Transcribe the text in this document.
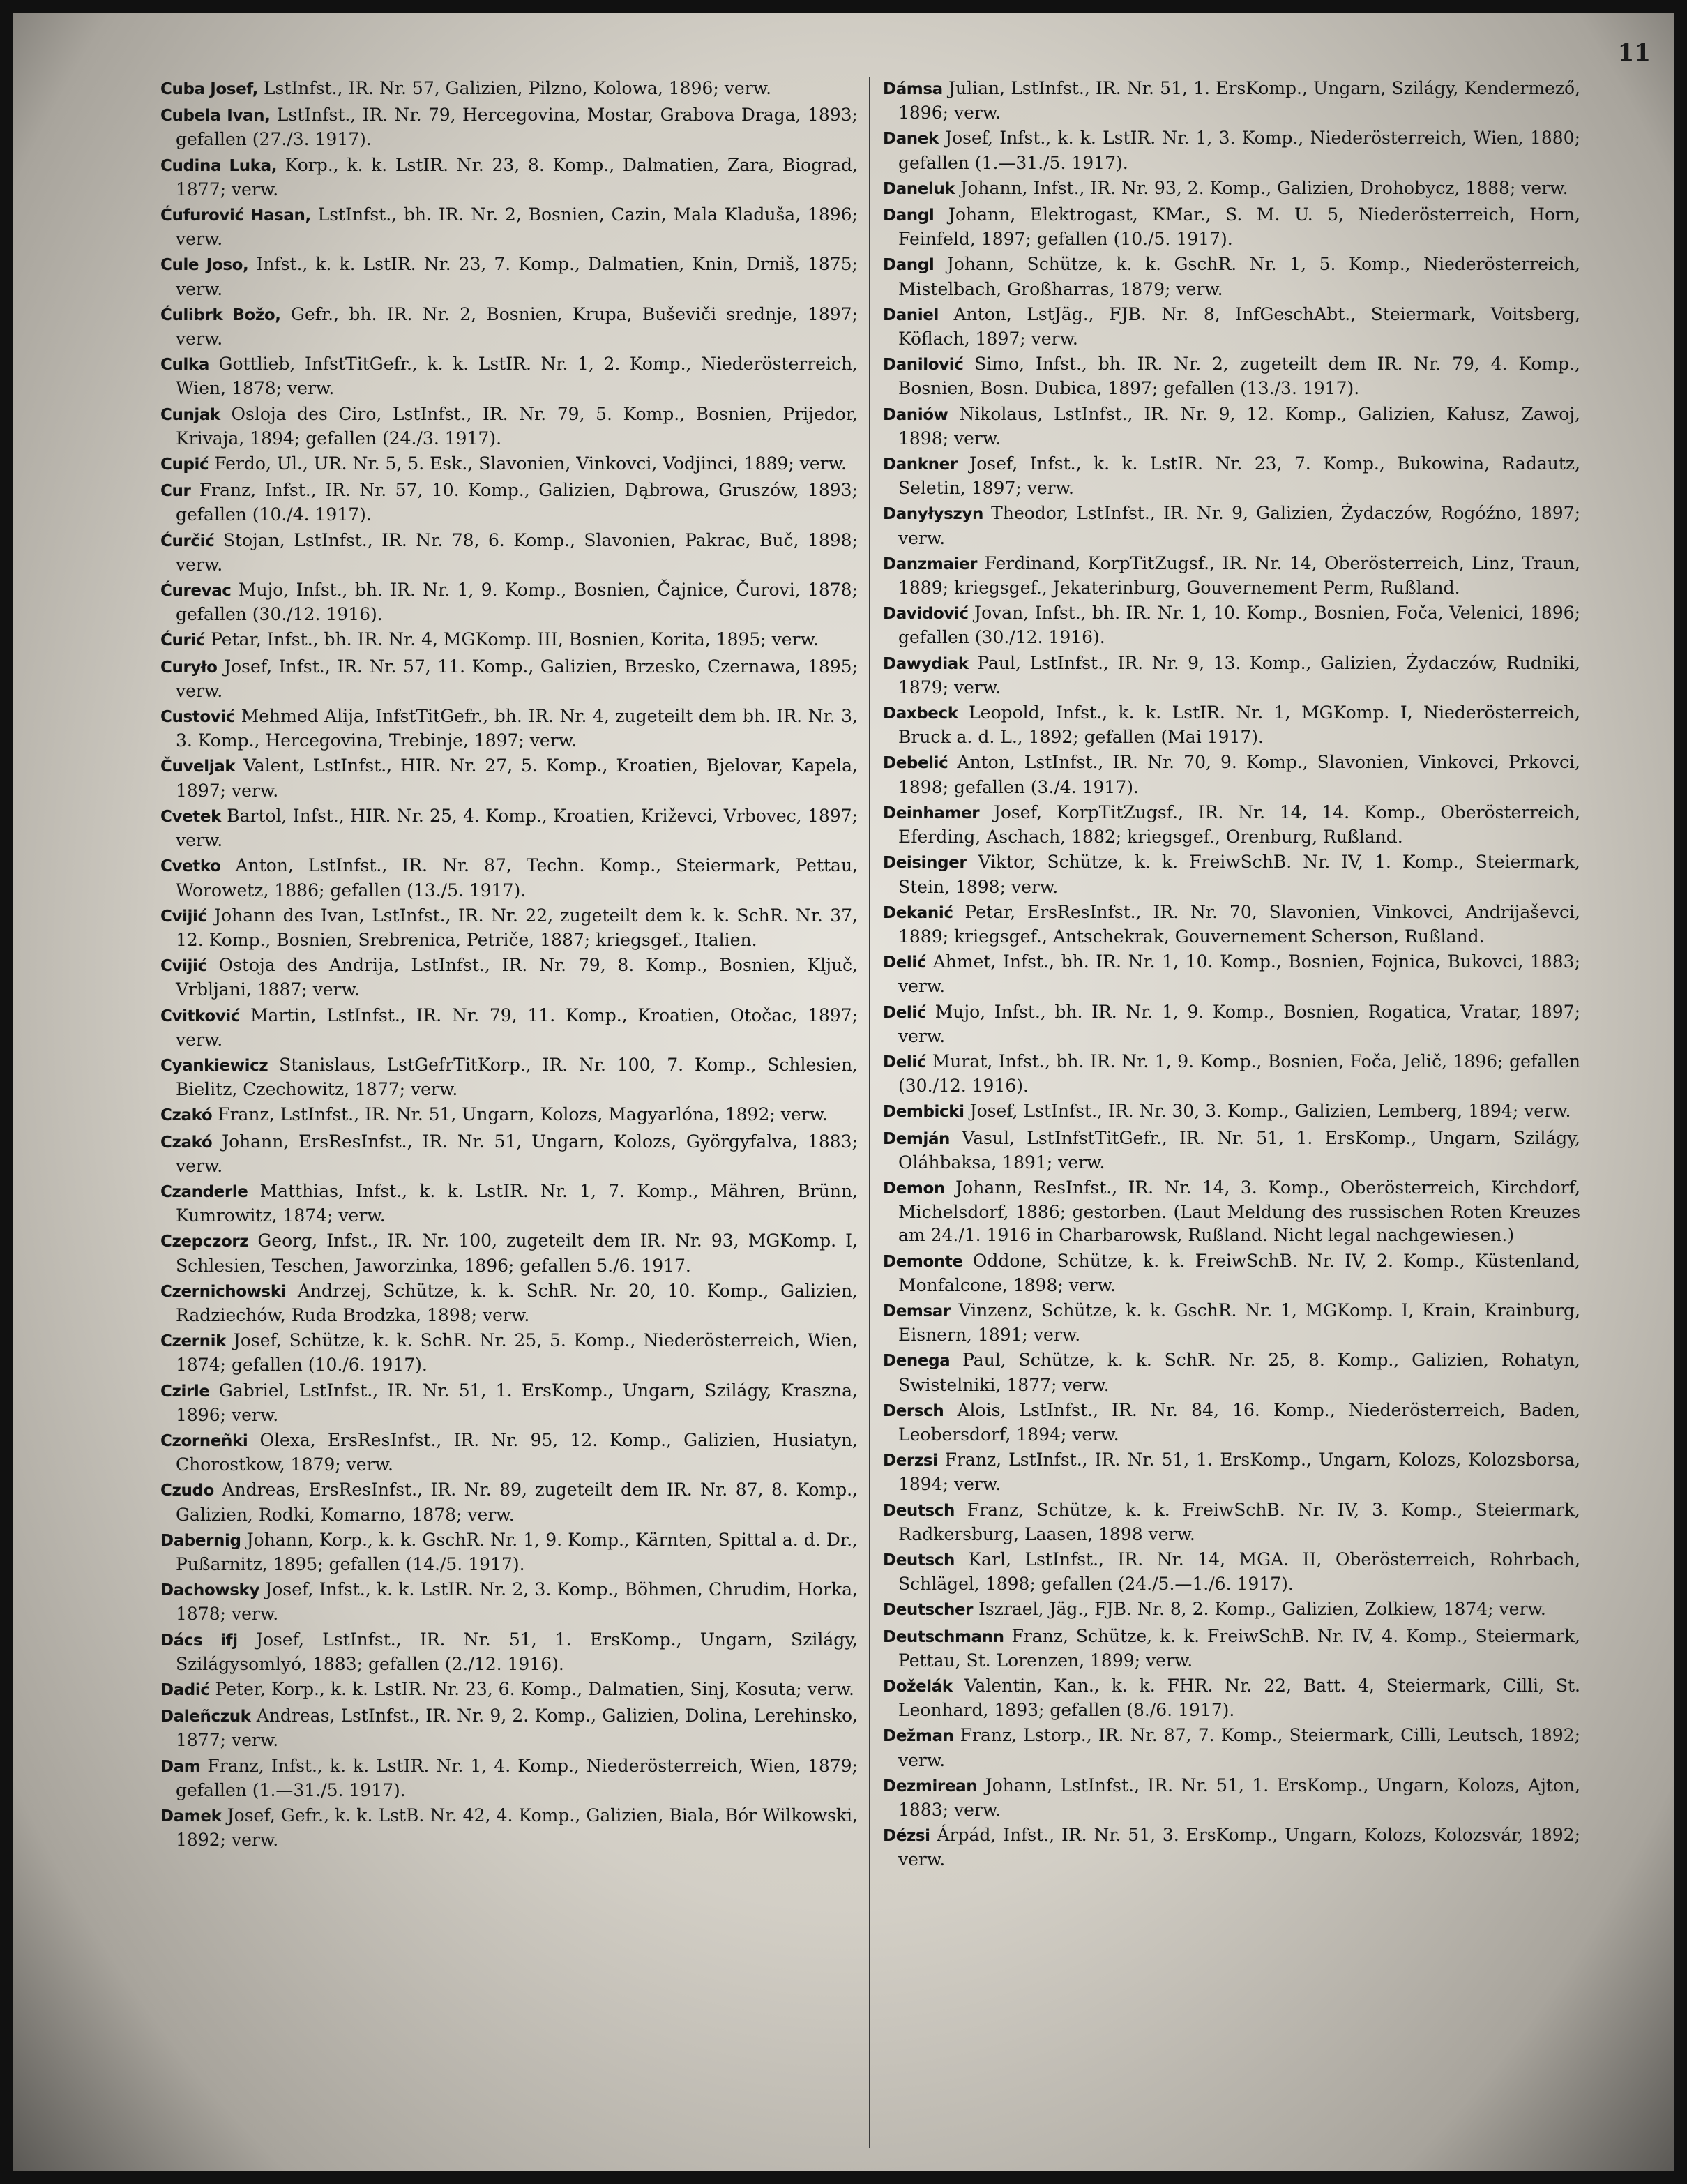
11

Cuba Josef, LstInfst., IR. Nr. 57, Galizien, Pilzno, Kolowa, 1896; verw.

Cubela Ivan, LstInfst., IR. Nr. 79, Hercegovina, Mostar, Grabova Draga, 1893; gefallen (27./3. 1917).

Cudina Luka, Korp., k. k. LstIR. Nr. 23, 8. Komp., Dalmatien, Zara, Biograd, 1877; verw.

Ćufurović Hasan, LstInfst., bh. IR. Nr. 2, Bosnien, Cazin, Mala Kladuša, 1896; verw.

Cule Joso, Infst., k. k. LstIR. Nr. 23, 7. Komp., Dalmatien, Knin, Drniš, 1875; verw.

Ćulibrk Božo, Gefr., bh. IR. Nr. 2, Bosnien, Krupa, Buševiči srednje, 1897; verw.

Culka Gottlieb, InfstTitGefr., k. k. LstIR. Nr. 1, 2. Komp., Niederösterreich, Wien, 1878; verw.

Cunjak Osloja des Ciro, LstInfst., IR. Nr. 79, 5. Komp., Bosnien, Prijedor, Krivaja, 1894; gefallen (24./3. 1917).

Cupić Ferdo, Ul., UR. Nr. 5, 5. Esk., Slavonien, Vinkovci, Vodjinci, 1889; verw.

Cur Franz, Infst., IR. Nr. 57, 10. Komp., Galizien, Dąbrowa, Gruszów, 1893; gefallen (10./4. 1917).

Ćurčić Stojan, LstInfst., IR. Nr. 78, 6. Komp., Slavonien, Pakrac, Buč, 1898; verw.

Ćurevac Mujo, Infst., bh. IR. Nr. 1, 9. Komp., Bosnien, Čajnice, Čurovi, 1878; gefallen (30./12. 1916).

Ćurić Petar, Infst., bh. IR. Nr. 4, MGKomp. III, Bosnien, Korita, 1895; verw.

Curyło Josef, Infst., IR. Nr. 57, 11. Komp., Galizien, Brzesko, Czernawa, 1895; verw.

Custović Mehmed Alija, InfstTitGefr., bh. IR. Nr. 4, zugeteilt dem bh. IR. Nr. 3, 3. Komp., Hercegovina, Trebinje, 1897; verw.

Čuveljak Valent, LstInfst., HIR. Nr. 27, 5. Komp., Kroatien, Bjelovar, Kapela, 1897; verw.

Cvetek Bartol, Infst., HIR. Nr. 25, 4. Komp., Kroatien, Križevci, Vrbovec, 1897; verw.

Cvetko Anton, LstInfst., IR. Nr. 87, Techn. Komp., Steiermark, Pettau, Worowetz, 1886; gefallen (13./5. 1917).

Cvijić Johann des Ivan, LstInfst., IR. Nr. 22, zugeteilt dem k. k. SchR. Nr. 37, 12. Komp., Bosnien, Srebrenica, Petriče, 1887; kriegsgef., Italien.

Cvijić Ostoja des Andrija, LstInfst., IR. Nr. 79, 8. Komp., Bosnien, Ključ, Vrbljani, 1887; verw.

Cvitković Martin, LstInfst., IR. Nr. 79, 11. Komp., Kroatien, Otočac, 1897; verw.

Cyankiewicz Stanislaus, LstGefrTitKorp., IR. Nr. 100, 7. Komp., Schlesien, Bielitz, Czechowitz, 1877; verw.

Czakó Franz, LstInfst., IR. Nr. 51, Ungarn, Kolozs, Magyarlóna, 1892; verw.

Czakó Johann, ErsResInfst., IR. Nr. 51, Ungarn, Kolozs, Györgyfalva, 1883; verw.

Czanderle Matthias, Infst., k. k. LstIR. Nr. 1, 7. Komp., Mähren, Brünn, Kumrowitz, 1874; verw.

Czepczorz Georg, Infst., IR. Nr. 100, zugeteilt dem IR. Nr. 93, MGKomp. I, Schlesien, Teschen, Jaworzinka, 1896; gefallen 5./6. 1917.

Czernichowski Andrzej, Schütze, k. k. SchR. Nr. 20, 10. Komp., Galizien, Radziechów, Ruda Brodzka, 1898; verw.

Czernik Josef, Schütze, k. k. SchR. Nr. 25, 5. Komp., Niederösterreich, Wien, 1874; gefallen (10./6. 1917).

Czirle Gabriel, LstInfst., IR. Nr. 51, 1. ErsKomp., Ungarn, Szilágy, Kraszna, 1896; verw.

Czorneñki Olexa, ErsResInfst., IR. Nr. 95, 12. Komp., Galizien, Husiatyn, Chorostkow, 1879; verw.

Czudo Andreas, ErsResInfst., IR. Nr. 89, zugeteilt dem IR. Nr. 87, 8. Komp., Galizien, Rodki, Komarno, 1878; verw.

Dabernig Johann, Korp., k. k. GschR. Nr. 1, 9. Komp., Kärnten, Spittal a. d. Dr., Pußarnitz, 1895; gefallen (14./5. 1917).

Dachowsky Josef, Infst., k. k. LstIR. Nr. 2, 3. Komp., Böhmen, Chrudim, Horka, 1878; verw.

Dács ifj Josef, LstInfst., IR. Nr. 51, 1. ErsKomp., Ungarn, Szilágy, Szilágysomlyó, 1883; gefallen (2./12. 1916).

Dadić Peter, Korp., k. k. LstIR. Nr. 23, 6. Komp., Dalmatien, Sinj, Kosuta; verw.

Daleñczuk Andreas, LstInfst., IR. Nr. 9, 2. Komp., Galizien, Dolina, Lerehinsko, 1877; verw.

Dam Franz, Infst., k. k. LstIR. Nr. 1, 4. Komp., Niederösterreich, Wien, 1879; gefallen (1.—31./5. 1917).

Damek Josef, Gefr., k. k. LstB. Nr. 42, 4. Komp., Galizien, Biala, Bór Wilkowski, 1892; verw.

Dámsa Julian, LstInfst., IR. Nr. 51, 1. ErsKomp., Ungarn, Szilágy, Kendermező, 1896; verw.

Danek Josef, Infst., k. k. LstIR. Nr. 1, 3. Komp., Niederösterreich, Wien, 1880; gefallen (1.—31./5. 1917).

Daneluk Johann, Infst., IR. Nr. 93, 2. Komp., Galizien, Drohobycz, 1888; verw.

Dangl Johann, Elektrogast, KMar., S. M. U. 5, Niederösterreich, Horn, Feinfeld, 1897; gefallen (10./5. 1917).

Dangl Johann, Schütze, k. k. GschR. Nr. 1, 5. Komp., Niederösterreich, Mistelbach, Großharras, 1879; verw.

Daniel Anton, LstJäg., FJB. Nr. 8, InfGeschAbt., Steiermark, Voitsberg, Köflach, 1897; verw.

Danilović Simo, Infst., bh. IR. Nr. 2, zugeteilt dem IR. Nr. 79, 4. Komp., Bosnien, Bosn. Dubica, 1897; gefallen (13./3. 1917).

Daniów Nikolaus, LstInfst., IR. Nr. 9, 12. Komp., Galizien, Kałusz, Zawoj, 1898; verw.

Dankner Josef, Infst., k. k. LstIR. Nr. 23, 7. Komp., Bukowina, Radautz, Seletin, 1897; verw.

Danyłyszyn Theodor, LstInfst., IR. Nr. 9, Galizien, Żydaczów, Rogóźno, 1897; verw.

Danzmaier Ferdinand, KorpTitZugsf., IR. Nr. 14, Oberösterreich, Linz, Traun, 1889; kriegsgef., Jekaterinburg, Gouvernement Perm, Rußland.

Davidović Jovan, Infst., bh. IR. Nr. 1, 10. Komp., Bosnien, Foča, Velenici, 1896; gefallen (30./12. 1916).

Dawydiak Paul, LstInfst., IR. Nr. 9, 13. Komp., Galizien, Żydaczów, Rudniki, 1879; verw.

Daxbeck Leopold, Infst., k. k. LstIR. Nr. 1, MGKomp. I, Niederösterreich, Bruck a. d. L., 1892; gefallen (Mai 1917).

Debelić Anton, LstInfst., IR. Nr. 70, 9. Komp., Slavonien, Vinkovci, Prkovci, 1898; gefallen (3./4. 1917).

Deinhamer Josef, KorpTitZugsf., IR. Nr. 14, 14. Komp., Oberösterreich, Eferding, Aschach, 1882; kriegsgef., Orenburg, Rußland.

Deisinger Viktor, Schütze, k. k. FreiwSchB. Nr. IV, 1. Komp., Steiermark, Stein, 1898; verw.

Dekanić Petar, ErsResInfst., IR. Nr. 70, Slavonien, Vinkovci, Andrijaševci, 1889; kriegsgef., Antschekrak, Gouvernement Scherson, Rußland.

Delić Ahmet, Infst., bh. IR. Nr. 1, 10. Komp., Bosnien, Fojnica, Bukovci, 1883; verw.

Delić Mujo, Infst., bh. IR. Nr. 1, 9. Komp., Bosnien, Rogatica, Vratar, 1897; verw.

Delić Murat, Infst., bh. IR. Nr. 1, 9. Komp., Bosnien, Foča, Jelič, 1896; gefallen (30./12. 1916).

Dembicki Josef, LstInfst., IR. Nr. 30, 3. Komp., Galizien, Lemberg, 1894; verw.

Demján Vasul, LstInfstTitGefr., IR. Nr. 51, 1. ErsKomp., Ungarn, Szilágy, Oláhbaksa, 1891; verw.

Demon Johann, ResInfst., IR. Nr. 14, 3. Komp., Oberösterreich, Kirchdorf, Michelsdorf, 1886; gestorben. (Laut Meldung des russischen Roten Kreuzes am 24./1. 1916 in Charbarowsk, Rußland. Nicht legal nachgewiesen.)

Demonte Oddone, Schütze, k. k. FreiwSchB. Nr. IV, 2. Komp., Küstenland, Monfalcone, 1898; verw.

Demsar Vinzenz, Schütze, k. k. GschR. Nr. 1, MGKomp. I, Krain, Krainburg, Eisnern, 1891; verw.

Denega Paul, Schütze, k. k. SchR. Nr. 25, 8. Komp., Galizien, Rohatyn, Swistelniki, 1877; verw.

Dersch Alois, LstInfst., IR. Nr. 84, 16. Komp., Niederösterreich, Baden, Leobersdorf, 1894; verw.

Derzsi Franz, LstInfst., IR. Nr. 51, 1. ErsKomp., Ungarn, Kolozs, Kolozsborsa, 1894; verw.

Deutsch Franz, Schütze, k. k. FreiwSchB. Nr. IV, 3. Komp., Steiermark, Radkersburg, Laasen, 1898 verw.

Deutsch Karl, LstInfst., IR. Nr. 14, MGA. II, Oberösterreich, Rohrbach, Schlägel, 1898; gefallen (24./5.—1./6. 1917).

Deutscher Iszrael, Jäg., FJB. Nr. 8, 2. Komp., Galizien, Zolkiew, 1874; verw.

Deutschmann Franz, Schütze, k. k. FreiwSchB. Nr. IV, 4. Komp., Steiermark, Pettau, St. Lorenzen, 1899; verw.

Doželák Valentin, Kan., k. k. FHR. Nr. 22, Batt. 4, Steiermark, Cilli, St. Leonhard, 1893; gefallen (8./6. 1917).

Dežman Franz, Lstorp., IR. Nr. 87, 7. Komp., Steiermark, Cilli, Leutsch, 1892; verw.

Dezmirean Johann, LstInfst., IR. Nr. 51, 1. ErsKomp., Ungarn, Kolozs, Ajton, 1883; verw.

Dézsi Árpád, Infst., IR. Nr. 51, 3. ErsKomp., Ungarn, Kolozs, Kolozsvár, 1892; verw.
